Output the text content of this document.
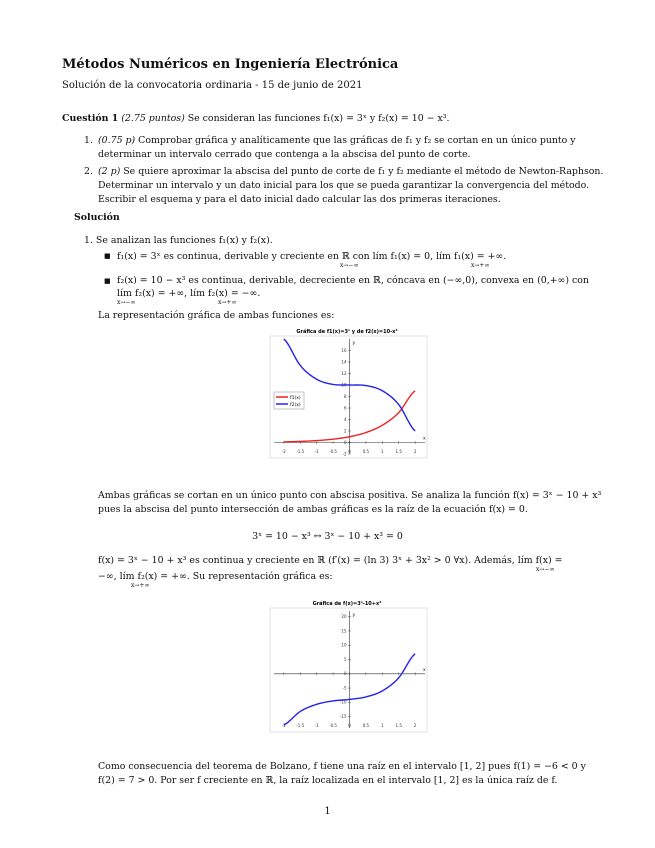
Métodos Numéricos en Ingeniería Electrónica
Solución de la convocatoria ordinaria - 15 de junio de 2021
Cuestión 1 (2.75 puntos) Se consideran las funciones f₁(x) = 3ˣ y f₂(x) = 10 − x³.
1. (0.75 p) Comprobar gráfica y analíticamente que las gráficas de f₁ y f₂ se cortan en un único punto y
determinar un intervalo cerrado que contenga a la abscisa del punto de corte.
2. (2 p) Se quiere aproximar la abscisa del punto de corte de f₁ y f₂ mediante el método de Newton-Raphson.
Determinar un intervalo y un dato inicial para los que se pueda garantizar la convergencia del método.
Escribir el esquema y para el dato inicial dado calcular las dos primeras iteraciones.
Solución
1. Se analizan las funciones f₁(x) y f₂(x).
■ f₁(x) = 3ˣ es continua, derivable y creciente en ℝ con lím f₁(x) = 0, lím f₁(x) = +∞.
x→−∞	x→+∞
■ f₂(x) = 10 − x³ es continua, derivable, decreciente en ℝ, cóncava en (−∞,0), convexa en (0,+∞) con
lím f₂(x) = +∞, lím f₂(x) = −∞.
x→−∞	x→+∞
La representación gráfica de ambas funciones es:
Gráfica de f1(x)=3ˣ y de f2(x)=10-x³
x
y
-2	-1.5	-1	-0.5	0	0.5	1	1.5	2
-2
0
2
4
6
8
10
12
14
16
f1(x)
f2(x)
Ambas gráficas se cortan en un único punto con abscisa positiva. Se analiza la función f(x) = 3ˣ − 10 + x³
pues la abscisa del punto intersección de ambas gráficas es la raíz de la ecuación f(x) = 0.
3ˣ = 10 − x³ ↔ 3ˣ − 10 + x³ = 0
f(x) = 3ˣ − 10 + x³ es continua y creciente en ℝ (f′(x) = (ln 3) 3ˣ + 3x² > 0 ∀x). Además, lím f(x) =
x→−∞
−∞, lím f₂(x) = +∞. Su representación gráfica es:
x→+∞
Gráfica de f(x)=3ˣ-10+x³
x
y
-2	-1.5	-1	-0.5	0	0.5	1	1.5	2
-15
-10
-5
0
5
10
15
20
Como consecuencia del teorema de Bolzano, f tiene una raíz en el intervalo [1, 2] pues f(1) = −6 < 0 y
f(2) = 7 > 0. Por ser f creciente en ℝ, la raíz localizada en el intervalo [1, 2] es la única raíz de f.
1
